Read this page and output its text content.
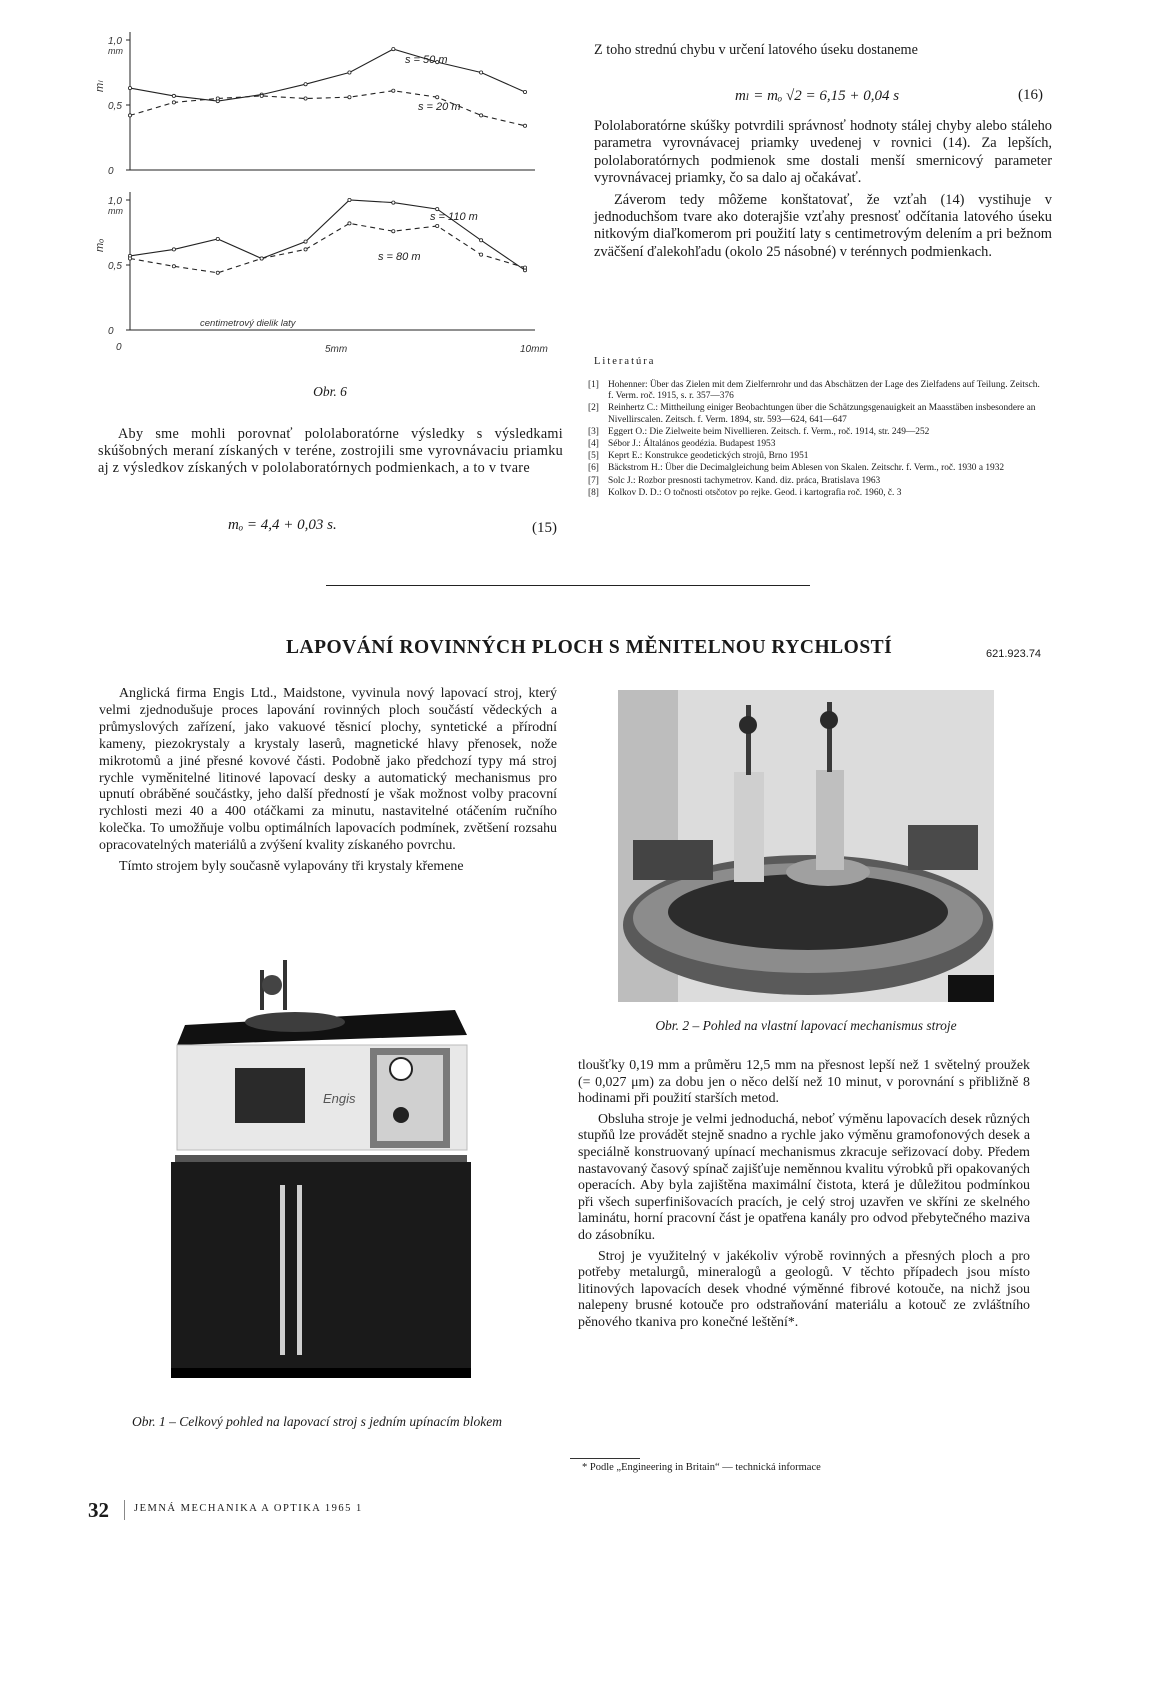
1,0
0,5
0
mm
mₗ
s = 50 m
s = 20 m
1,0
0,5
0
mm
mₒ
s = 110 m
s = 80 m
centimetrový dielik laty
5mm	10mm
0
Obr. 6

Aby sme mohli porovnať pololaboratórne výsledky s výsledkami skúšobných meraní získaných v teréne, zostrojili sme vyrovnávaciu priamku aj z výsledkov získaných v pololaboratórnych podmienkach, a to v tvare

mₒ = 4,4 + 0,03 s.	(15)

Z toho strednú chybu v určení latového úseku dostaneme

mₗ = mₒ √2 = 6,15 + 0,04 s	(16)

Pololaboratórne skúšky potvrdili správnosť hodnoty stálej chyby alebo stáleho parametra vyrovnávacej priamky uvedenej v rovnici (14). Za lepších, pololaboratórnych podmienok sme dostali menší smernicový parameter vyrovnávacej priamky, čo sa dalo aj očakávať.

Záverom tedy môžeme konštatovať, že vzťah (14) vystihuje v jednoduchšom tvare ako doterajšie vzťahy presnosť odčítania latového úseku nitkovým diaľkomerom pri použití laty s centimetrovým delením a pri bežnom zväčšení ďalekohľadu (okolo 25 násobné) v terénnych podmienkach.

Literatúra
[1] Hohenner: Über das Zielen mit dem Zielfernrohr und das Abschätzen der Lage des Zielfadens auf Teilung. Zeitsch. f. Verm. roč. 1915, s. r. 357—376
[2] Reinhertz C.: Mittheilung einiger Beobachtungen über die Schätzungsgenauigkeit an Maasstäben insbesondere an Nivellirscalen. Zeitsch. f. Verm. 1894, str. 593—624, 641—647
[3] Eggert O.: Die Zielweite beim Nivellieren. Zeitsch. f. Verm., roč. 1914, str. 249—252
[4] Sébor J.: Általános geodézia. Budapest 1953
[5] Keprt E.: Konstrukce geodetických strojů, Brno 1951
[6] Bäckstrom H.: Über die Decimalgleichung beim Ablesen von Skalen. Zeitschr. f. Verm., roč. 1930 a 1932
[7] Solc J.: Rozbor presnosti tachymetrov. Kand. diz. práca, Bratislava 1963
[8] Kolkov D. D.: O točnosti otsčotov po rejke. Geod. i kartografia roč. 1960, č. 3
LAPOVÁNÍ ROVINNÝCH PLOCH S MĚNITELNOU RYCHLOSTÍ	621.923.74

Anglická firma Engis Ltd., Maidstone, vyvinula nový lapovací stroj, který velmi zjednodušuje proces lapování rovinných ploch součástí vědeckých a průmyslových zařízení, jako vakuové těsnicí plochy, syntetické a přírodní kameny, piezokrystaly a krystaly laserů, magnetické hlavy přenosek, nože mikrotomů a jiné přesné kovové části. Podobně jako předchozí typy má stroj rychle vyměnitelné litinové lapovací desky a automatický mechanismus pro upnutí obráběné součástky, jeho další předností je však možnost volby pracovní rychlosti mezi 40 a 400 otáčkami za minutu, nastavitelné otáčením ručního kolečka. To umožňuje volbu optimálních lapovacích podmínek, zvětšení rozsahu opracovatelných materiálů a zvýšení kvality získaného povrchu.

Tímto strojem byly současně vylapovány tři krystaly křemene

Obr. 2 – Pohled na vlastní lapovací mechanismus stroje
Engis
Obr. 1 – Celkový pohled na lapovací stroj s jedním upínacím blokem

tloušťky 0,19 mm a průměru 12,5 mm na přesnost lepší než 1 světelný proužek (= 0,027 μm) za dobu jen o něco delší než 10 minut, v porovnání s přibližně 8 hodinami při použití starších metod.

Obsluha stroje je velmi jednoduchá, neboť výměnu lapovacích desek různých stupňů lze provádět stejně snadno a rychle jako výměnu gramofonových desek a speciálně konstruovaný upínací mechanismus zkracuje seřizovací doby. Předem nastavovaný časový spínač zajišťuje neměnnou kvalitu výrobků při opakovaných operacích. Aby byla zajištěna maximální čistota, která je důležitou podmínkou při všech superfinišovacích pracích, je celý stroj uzavřen ve skříni ze skelného laminátu, horní pracovní část je opatřena kanály pro odvod přebytečného maziva do zásobníku.

Stroj je využitelný v jakékoliv výrobě rovinných a přesných ploch a pro potřeby metalurgů, mineralogů a geologů. V těchto případech jsou místo litinových lapovacích desek vhodné výměnné fibrové kotouče, na nichž jsou nalepeny brusné kotouče pro odstraňování materiálu a kotouč ze zvláštního pěnového tkaniva pro konečné leštění*.

* Podle „Engineering in Britain“ — technická informace
32 JEMNÁ MECHANIKA A OPTIKA 1965 1
